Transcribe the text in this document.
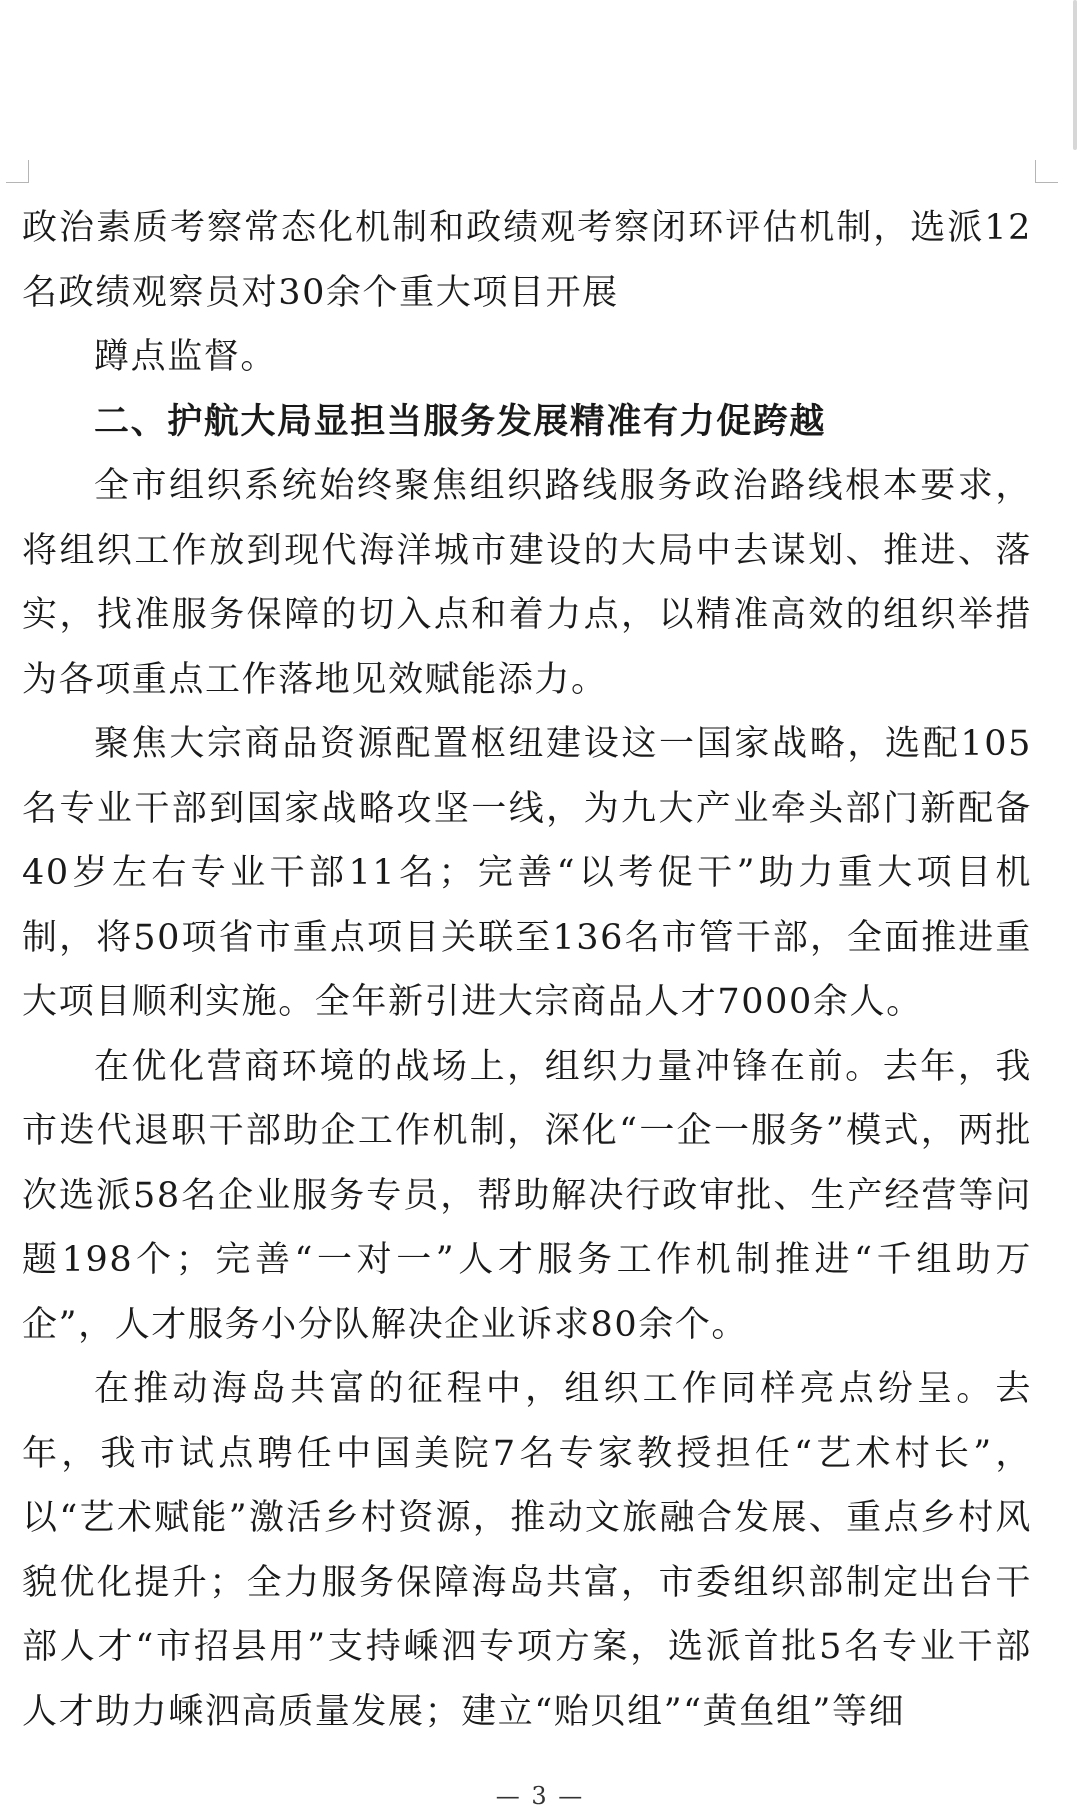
政治素质考察常态化机制和政绩观考察闭环评估机制，选派12名政绩观察员对30余个重大项目开展

蹲点监督。

二、护航大局显担当服务发展精准有力促跨越

全市组织系统始终聚焦组织路线服务政治路线根本要求，将组织工作放到现代海洋城市建设的大局中去谋划、推进、落实，找准服务保障的切入点和着力点，以精准高效的组织举措为各项重点工作落地见效赋能添力。

聚焦大宗商品资源配置枢纽建设这一国家战略，选配105名专业干部到国家战略攻坚一线，为九大产业牵头部门新配备40岁左右专业干部11名；完善“以考促干”助力重大项目机制，将50项省市重点项目关联至136名市管干部，全面推进重大项目顺利实施。全年新引进大宗商品人才7000余人。

在优化营商环境的战场上，组织力量冲锋在前。去年，我市迭代退职干部助企工作机制，深化“一企一服务”模式，两批次选派58名企业服务专员，帮助解决行政审批、生产经营等问题198个；完善“一对一”人才服务工作机制推进“千组助万企”，人才服务小分队解决企业诉求80余个。

在推动海岛共富的征程中，组织工作同样亮点纷呈。去年，我市试点聘任中国美院7名专家教授担任“艺术村长”，以“艺术赋能”激活乡村资源，推动文旅融合发展、重点乡村风貌优化提升；全力服务保障海岛共富，市委组织部制定出台干部人才“市招县用”支持嵊泗专项方案，选派首批5名专业干部人才助力嵊泗高质量发展；建立“贻贝组”“黄鱼组”等细

— 3 —
